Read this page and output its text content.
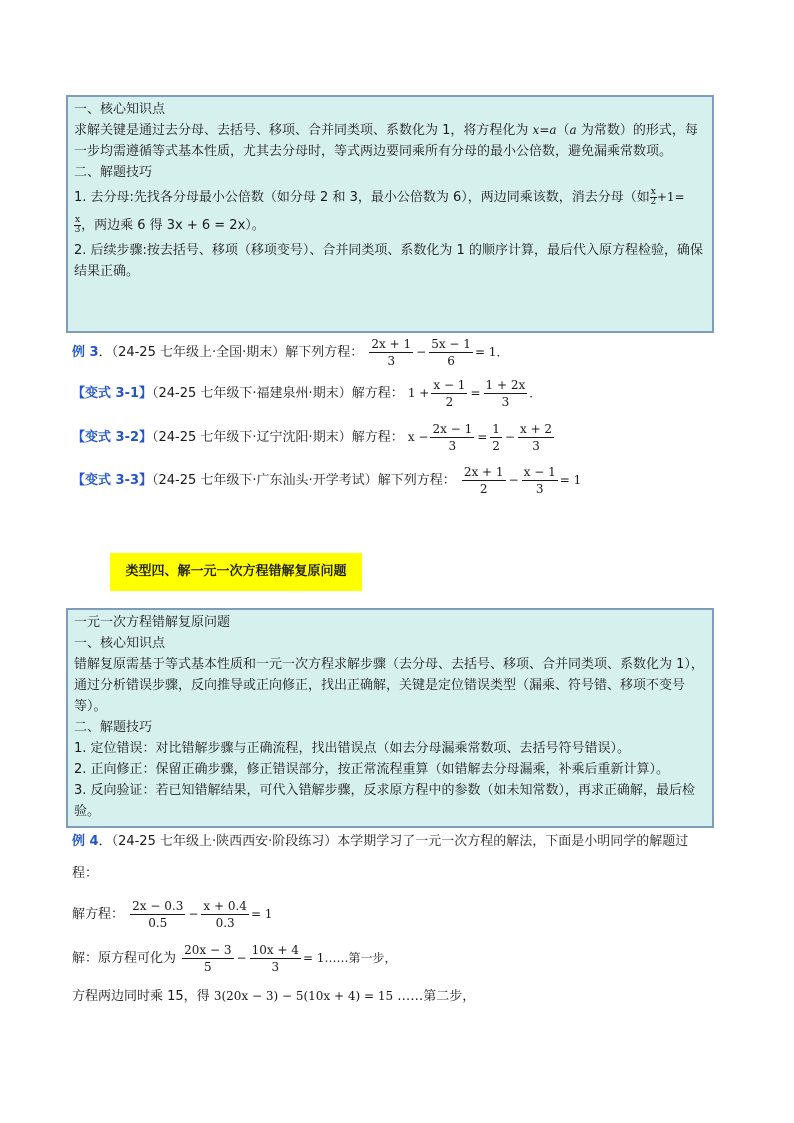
一、核心知识点

求解关键是通过去分母、去括号、移项、合并同类项、系数化为 1，将方程化为 x=a（a 为常数）的形式，每一步均需遵循等式基本性质，尤其去分母时，等式两边要同乘所有分母的最小公倍数，避免漏乘常数项。

二、解题技巧

1. 去分母:先找各分母最小公倍数（如分母 2 和 3，最小公倍数为 6），两边同乘该数，消去分母（如 $\frac{x}{2} +1=$

$\frac{x}{3}$ ，两边乘 6 得 3x + 6 = 2x）。

2. 后续步骤:按去括号、移项（移项变号）、合并同类项、系数化为 1 的顺序计算，最后代入原方程检验，确保结果正确。

例 3．（24-25 七年级上·全国·期末）解下列方程： $\frac{2x + 1}{3} - \frac{5x - 1}{6} = 1$．
【变式 3-1】（24-25 七年级下·福建泉州·期末）解方程： $1 + \frac{x - 1}{2} = \frac{1 + 2x}{3}$ ．
【变式 3-2】（24-25 七年级下·辽宁沈阳·期末）解方程： $x - \frac{2x - 1}{3} = \frac{1}{2} - \frac{x + 2}{3}$
【变式 3-3】（24-25 七年级下·广东汕头·开学考试）解下列方程： $\frac{2x + 1}{2} - \frac{x - 1}{3} = 1$
类型四、解一元一次方程错解复原问题

一元一次方程错解复原问题

一、核心知识点

错解复原需基于等式基本性质和一元一次方程求解步骤（去分母、去括号、移项、合并同类项、系数化为 1），通过分析错误步骤，反向推导或正向修正，找出正确解，关键是定位错误类型（漏乘、符号错、移项不变号等）。

二、解题技巧

1. 定位错误：对比错解步骤与正确流程，找出错误点（如去分母漏乘常数项、去括号符号错误）。

2. 正向修正：保留正确步骤，修正错误部分，按正常流程重算（如错解去分母漏乘，补乘后重新计算）。

3. 反向验证：若已知错解结果，可代入错解步骤，反求原方程中的参数（如未知常数），再求正确解，最后检验。

例 4．（24-25 七年级上·陕西西安·阶段练习）本学期学习了一元一次方程的解法，下面是小明同学的解题过
程：
解方程： $\frac{2x - 0.3}{0.5} - \frac{x + 0.4}{0.3} = 1$
解：原方程可化为 $\frac{20x - 3}{5} - \frac{10x + 4}{3}$ = 1……第一步，
方程两边同时乘 15，得 3(20x − 3) − 5(10x + 4) = 15 ……第二步，
